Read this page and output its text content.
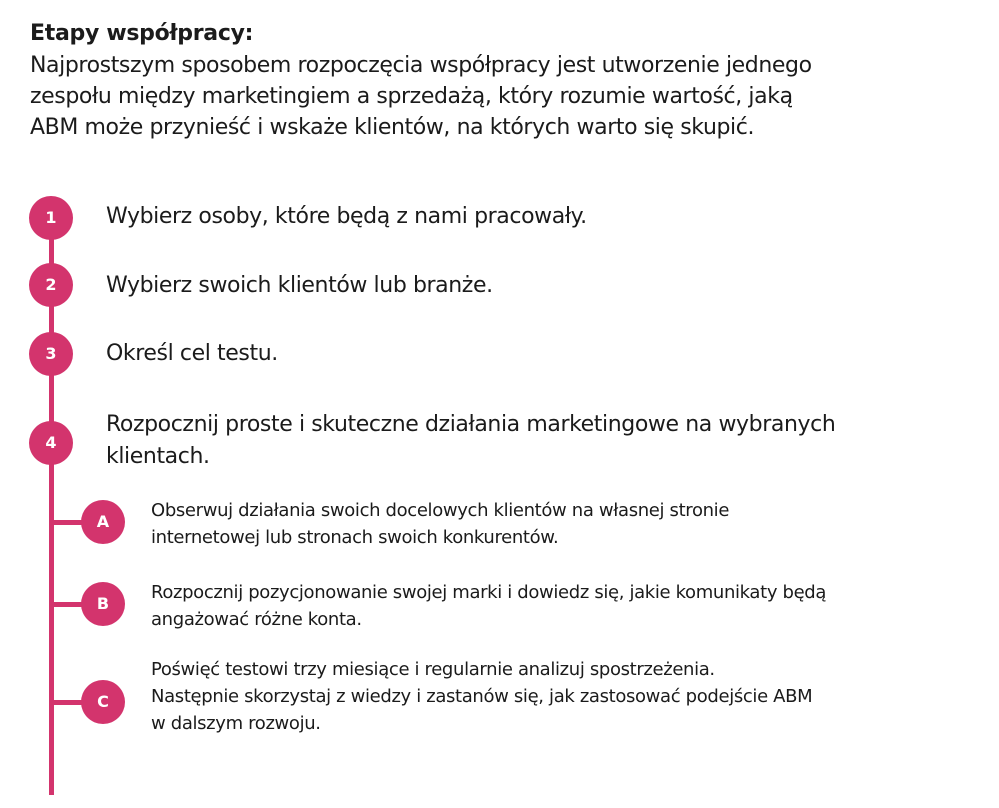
Etapy współpracy:

Najprostszym sposobem rozpoczęcia współpracy jest utworzenie jednego
zespołu między marketingiem a sprzedażą, który rozumie wartość, jaką
ABM może przynieść i wskaże klientów, na których warto się skupić.

1	Wybierz osoby, które będą z nami pracowały.

2	Wybierz swoich klientów lub branże.

3	Określ cel testu.

4

Rozpocznij proste i skuteczne działania marketingowe na wybranych
klientach.

A

Obserwuj działania swoich docelowych klientów na własnej stronie
internetowej lub stronach swoich konkurentów.

B

Rozpocznij pozycjonowanie swojej marki i dowiedz się, jakie komunikaty będą
angażować różne konta.

C

Poświęć testowi trzy miesiące i regularnie analizuj spostrzeżenia.
Następnie skorzystaj z wiedzy i zastanów się, jak zastosować podejście ABM
w dalszym rozwoju.
